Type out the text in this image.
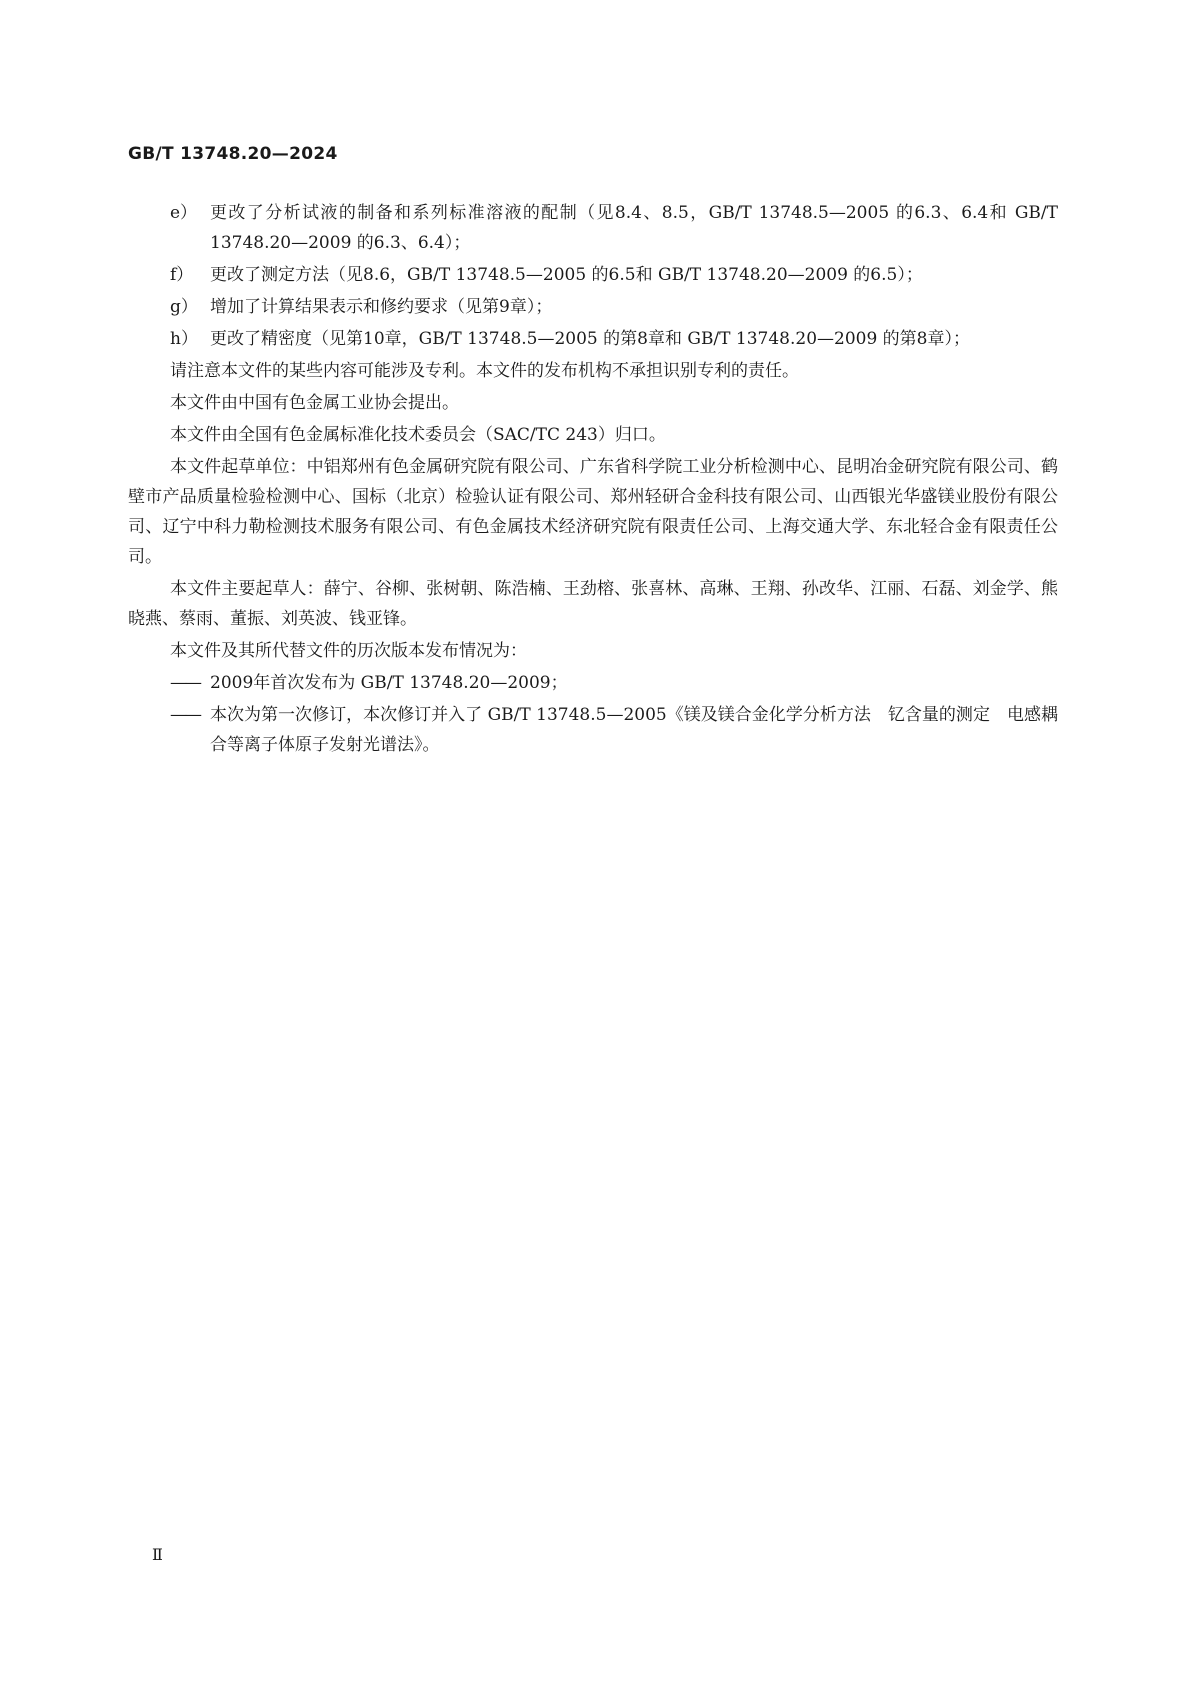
GB/T 13748.20—2024
e） 更改了分析试液的制备和系列标准溶液的配制（见8.4、8.5，GB/T 13748.5—2005 的6.3、6.4和 GB/T 13748.20—2009 的6.3、6.4）；
f） 更改了测定方法（见8.6，GB/T 13748.5—2005 的6.5和 GB/T 13748.20—2009 的6.5）；
g） 增加了计算结果表示和修约要求（见第9章）；
h） 更改了精密度（见第10章，GB/T 13748.5—2005 的第8章和 GB/T 13748.20—2009 的第8章）；
请注意本文件的某些内容可能涉及专利。本文件的发布机构不承担识别专利的责任。
本文件由中国有色金属工业协会提出。
本文件由全国有色金属标准化技术委员会（SAC/TC 243）归口。
本文件起草单位：中铝郑州有色金属研究院有限公司、广东省科学院工业分析检测中心、昆明冶金研究院有限公司、鹤壁市产品质量检验检测中心、国标（北京）检验认证有限公司、郑州轻研合金科技有限公司、山西银光华盛镁业股份有限公司、辽宁中科力勒检测技术服务有限公司、有色金属技术经济研究院有限责任公司、上海交通大学、东北轻合金有限责任公司。
本文件主要起草人：薛宁、谷柳、张树朝、陈浩楠、王劲榕、张喜林、高琳、王翔、孙改华、江丽、石磊、刘金学、熊晓燕、蔡雨、董振、刘英波、钱亚锋。
本文件及其所代替文件的历次版本发布情况为：
—— 2009年首次发布为 GB/T 13748.20—2009；
—— 本次为第一次修订，本次修订并入了 GB/T 13748.5—2005《镁及镁合金化学分析方法　钇含量的测定　电感耦合等离子体原子发射光谱法》。
Ⅱ
